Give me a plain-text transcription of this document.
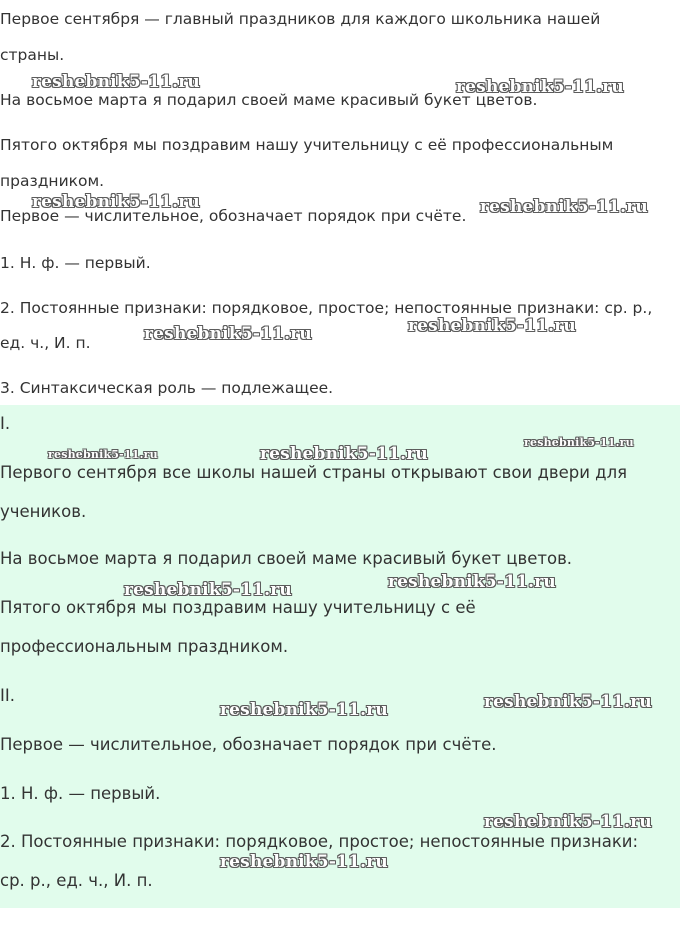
Первое сентября — главный праздников для каждого школьника нашей

страны.

На восьмое марта я подарил своей маме красивый букет цветов.

Пятого октября мы поздравим нашу учительницу с её профессиональным

праздником.

Первое — числительное, обозначает порядок при счёте.

1. Н. ф. — первый.

2. Постоянные признаки: порядковое, простое; непостоянные признаки: ср. р.,

ед. ч., И. п.

3. Синтаксическая роль — подлежащее.

I.

Первого сентября все школы нашей страны открывают свои двери для

учеников.

На восьмое марта я подарил своей маме красивый букет цветов.

Пятого октября мы поздравим нашу учительницу с её

профессиональным праздником.

II.

Первое — числительное, обозначает порядок при счёте.

1. Н. ф. — первый.

2. Постоянные признаки: порядковое, простое; непостоянные признаки:

ср. р., ед. ч., И. п.

reshebnik5-11.ru	reshebnik5-11.ru
reshebnik5-11.ru	reshebnik5-11.ru
reshebnik5-11.ru	reshebnik5-11.ru
reshebnik5-11.ru	reshebnik5-11.ru
reshebnik5-11.ru
reshebnik5-11.ru	reshebnik5-11.ru
reshebnik5-11.ru	reshebnik5-11.ru
reshebnik5-11.ru
reshebnik5-11.ru
